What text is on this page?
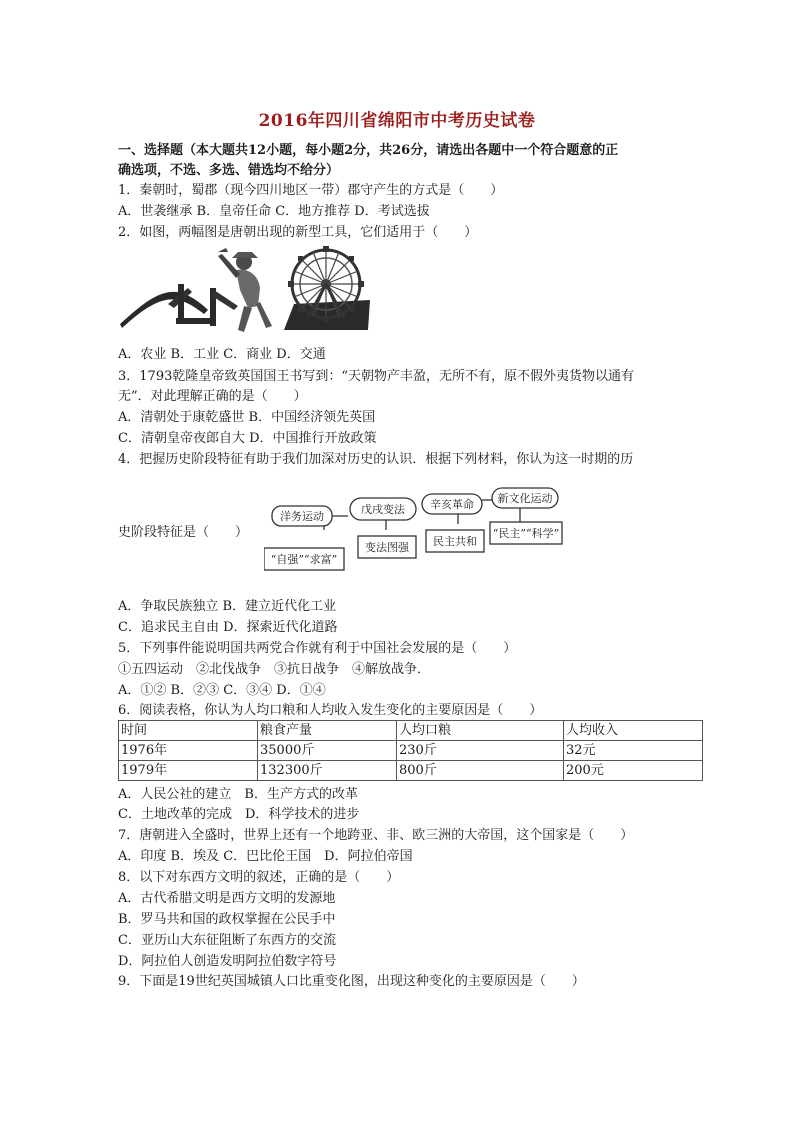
2016年四川省绵阳市中考历史试卷
一、选择题（本大题共12小题，每小题2分，共26分，请选出各题中一个符合题意的正
确选项，不选、多选、错选均不给分）
1．秦朝时，蜀郡（现今四川地区一带）郡守产生的方式是（　　）
A．世袭继承 B．皇帝任命 C．地方推荐 D．考试选拔
2．如图，两幅图是唐朝出现的新型工具，它们适用于（　　）
A．农业 B．工业 C．商业 D．交通
3．1793乾隆皇帝致英国国王书写到：“天朝物产丰盈，无所不有，原不假外夷货物以通有
无”．对此理解正确的是（　　）
A．清朝处于康乾盛世 B．中国经济领先英国
C．清朝皇帝夜郎自大 D．中国推行开放政策
4．把握历史阶段特征有助于我们加深对历史的认识．根据下列材料，你认为这一时期的历
史阶段特征是（　　）
洋务运动
戊戌变法 辛亥革命 新文化运动
“自强”“求富”
变法图强 民主共和
“民主”“科学”
A．争取民族独立 B．建立近代化工业
C．追求民主自由 D．探索近代化道路
5．下列事件能说明国共两党合作就有利于中国社会发展的是（　　）
①五四运动　②北伐战争　③抗日战争　④解放战争．
A．①② B．②③ C．③④ D．①④
6．阅读表格，你认为人均口粮和人均收入发生变化的主要原因是（　　）
时间	粮食产量	人均口粮	人均收入
1976年	35000斤	230斤	32元
1979年	132300斤	800斤	200元
A．人民公社的建立　B．生产方式的改革
C．土地改革的完成　D．科学技术的进步
7．唐朝进入全盛时，世界上还有一个地跨亚、非、欧三洲的大帝国，这个国家是（　　）
A．印度 B．埃及 C．巴比伦王国　D．阿拉伯帝国
8．以下对东西方文明的叙述，正确的是（　　）
A．古代希腊文明是西方文明的发源地
B．罗马共和国的政权掌握在公民手中
C．亚历山大东征阻断了东西方的交流
D．阿拉伯人创造发明阿拉伯数字符号
9．下面是19世纪英国城镇人口比重变化图，出现这种变化的主要原因是（　　）
